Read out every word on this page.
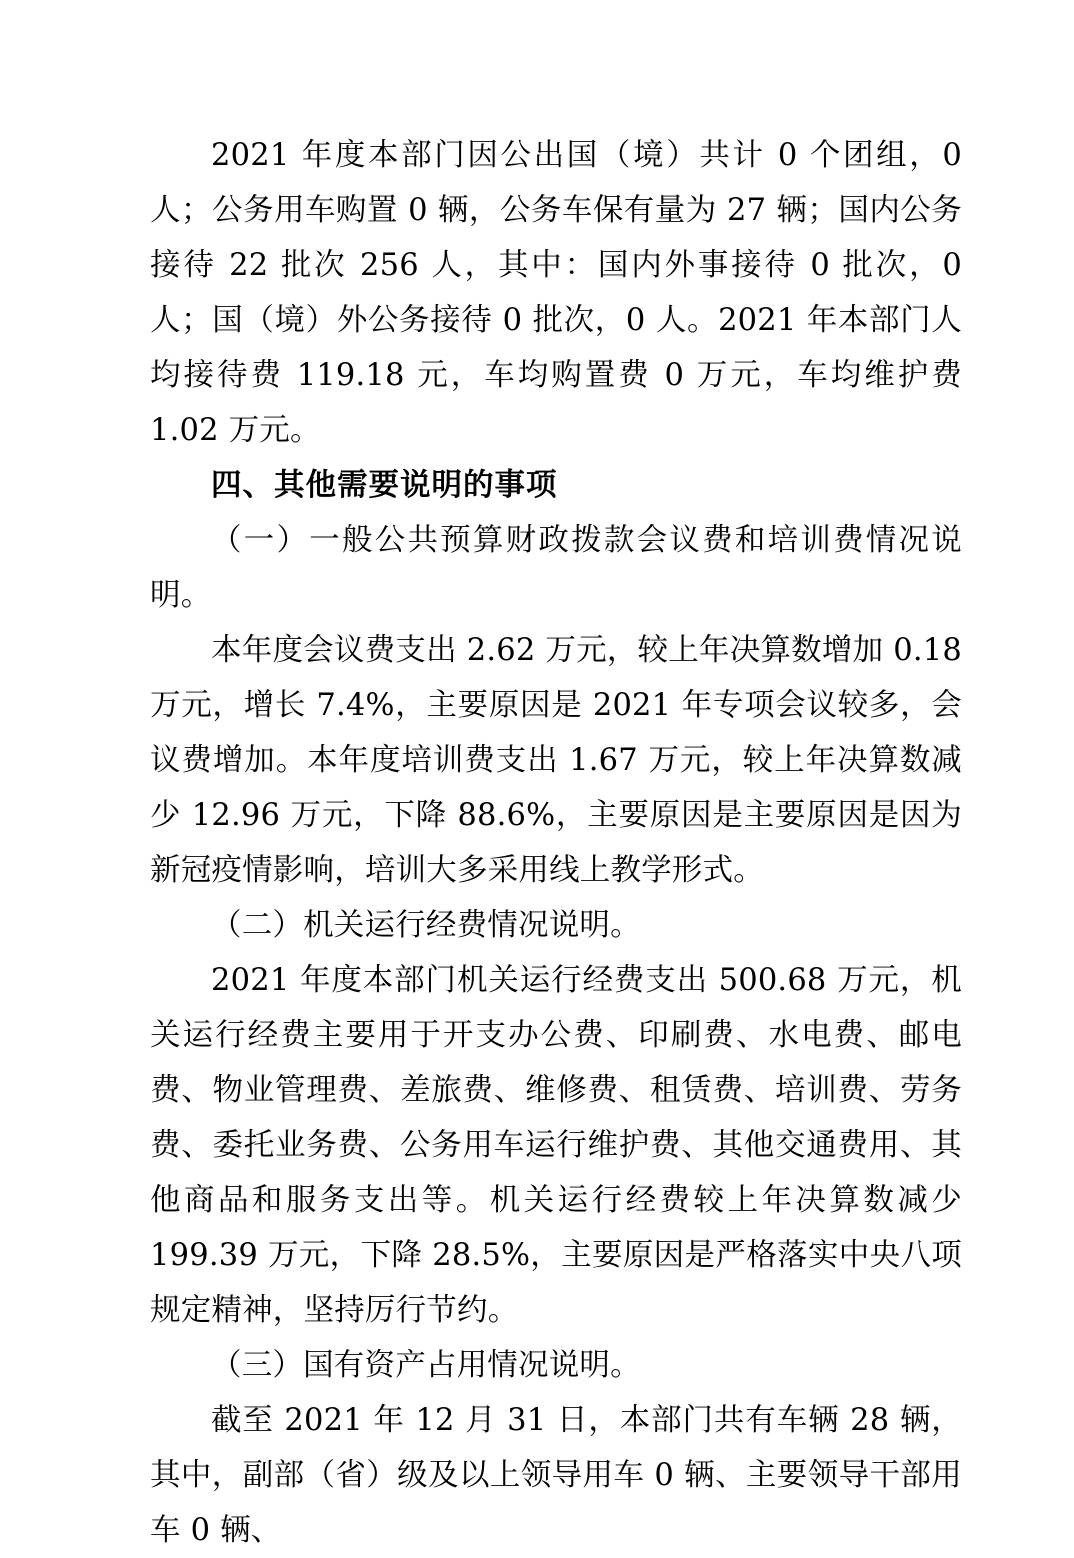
2021 年度本部门因公出国（境）共计 0 个团组，0 人；公务用车购置 0 辆，公务车保有量为 27 辆；国内公务接待 22 批次 256 人，其中：国内外事接待 0 批次，0 人；国（境）外公务接待 0 批次，0 人。2021 年本部门人均接待费 119.18 元，车均购置费 0 万元，车均维护费 1.02 万元。

四、其他需要说明的事项

（一）一般公共预算财政拨款会议费和培训费情况说明。

本年度会议费支出 2.62 万元，较上年决算数增加 0.18 万元，增长 7.4%，主要原因是 2021 年专项会议较多，会议费增加。本年度培训费支出 1.67 万元，较上年决算数减少 12.96 万元，下降 88.6%，主要原因是主要原因是因为新冠疫情影响，培训大多采用线上教学形式。

（二）机关运行经费情况说明。

2021 年度本部门机关运行经费支出 500.68 万元，机关运行经费主要用于开支办公费、印刷费、水电费、邮电费、物业管理费、差旅费、维修费、租赁费、培训费、劳务费、委托业务费、公务用车运行维护费、其他交通费用、其他商品和服务支出等。机关运行经费较上年决算数减少 199.39 万元，下降 28.5%，主要原因是严格落实中央八项规定精神，坚持厉行节约。

（三）国有资产占用情况说明。

截至 2021 年 12 月 31 日，本部门共有车辆 28 辆，其中，副部（省）级及以上领导用车 0 辆、主要领导干部用车 0 辆、
